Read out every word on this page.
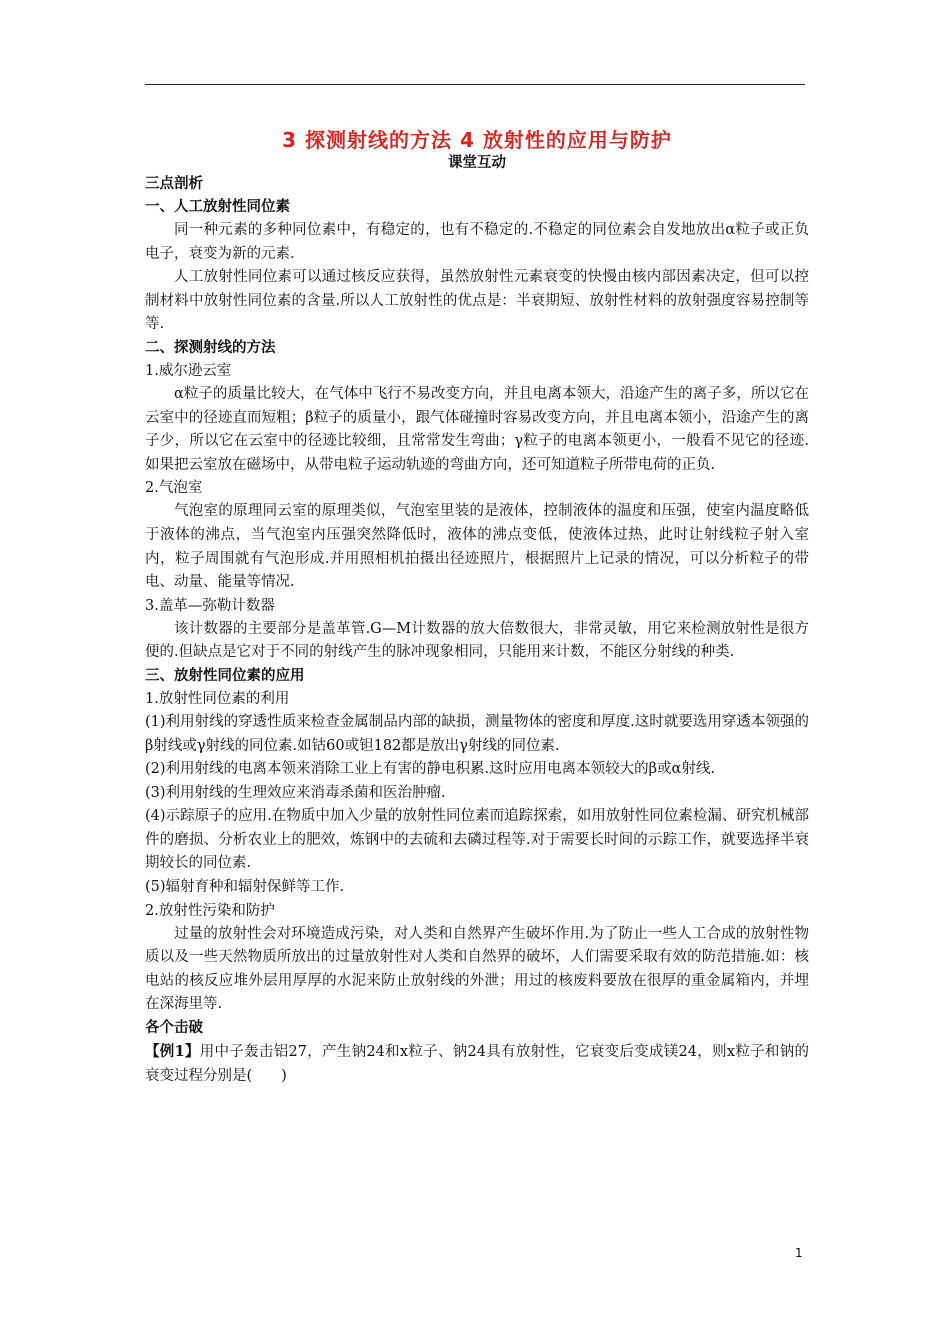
3 探测射线的方法 4 放射性的应用与防护
课堂互动
三点剖析
一、人工放射性同位素

同一种元素的多种同位素中，有稳定的，也有不稳定的.不稳定的同位素会自发地放出α粒子或正负电子，衰变为新的元素.

人工放射性同位素可以通过核反应获得，虽然放射性元素衰变的快慢由核内部因素决定，但可以控制材料中放射性同位素的含量.所以人工放射性的优点是：半衰期短、放射性材料的放射强度容易控制等等.

二、探测射线的方法
1.威尔逊云室

α粒子的质量比较大，在气体中飞行不易改变方向，并且电离本领大，沿途产生的离子多，所以它在云室中的径迹直而短粗；β粒子的质量小，跟气体碰撞时容易改变方向，并且电离本领小，沿途产生的离子少，所以它在云室中的径迹比较细，且常常发生弯曲；γ粒子的电离本领更小，一般看不见它的径迹.如果把云室放在磁场中，从带电粒子运动轨迹的弯曲方向，还可知道粒子所带电荷的正负.

2.气泡室

气泡室的原理同云室的原理类似，气泡室里装的是液体，控制液体的温度和压强，使室内温度略低于液体的沸点，当气泡室内压强突然降低时，液体的沸点变低，使液体过热，此时让射线粒子射入室内，粒子周围就有气泡形成.并用照相机拍摄出径迹照片，根据照片上记录的情况，可以分析粒子的带电、动量、能量等情况.

3.盖革—弥勒计数器

该计数器的主要部分是盖革管.G—M计数器的放大倍数很大，非常灵敏，用它来检测放射性是很方便的.但缺点是它对于不同的射线产生的脉冲现象相同，只能用来计数，不能区分射线的种类.

三、放射性同位素的应用
1.放射性同位素的利用

(1)利用射线的穿透性质来检查金属制品内部的缺损，测量物体的密度和厚度.这时就要选用穿透本领强的β射线或γ射线的同位素.如钴60或钽182都是放出γ射线的同位素.

(2)利用射线的电离本领来消除工业上有害的静电积累.这时应用电离本领较大的β或α射线.

(3)利用射线的生理效应来消毒杀菌和医治肿瘤.

(4)示踪原子的应用.在物质中加入少量的放射性同位素而追踪探索，如用放射性同位素检漏、研究机械部件的磨损、分析农业上的肥效，炼钢中的去硫和去磷过程等.对于需要长时间的示踪工作，就要选择半衰期较长的同位素.

(5)辐射育种和辐射保鲜等工作.

2.放射性污染和防护

过量的放射性会对环境造成污染，对人类和自然界产生破坏作用.为了防止一些人工合成的放射性物质以及一些天然物质所放出的过量放射性对人类和自然界的破坏，人们需要采取有效的防范措施.如：核电站的核反应堆外层用厚厚的水泥来防止放射线的外泄；用过的核废料要放在很厚的重金属箱内，并埋在深海里等.

各个击破

【例1】用中子轰击铝27，产生钠24和x粒子、钠24具有放射性，它衰变后变成镁24，则x粒子和钠的衰变过程分别是(　　)

1
